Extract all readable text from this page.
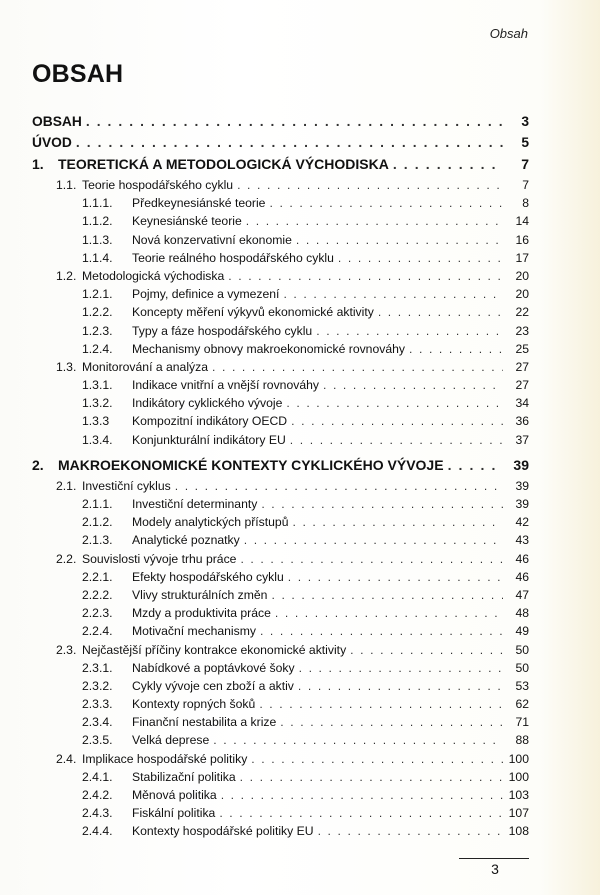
Obsah
OBSAH
OBSAH . . .	3
ÚVOD . . .	5
1.	TEORETICKÁ A METODOLOGICKÁ VÝCHODISKA . . .	7
1.1. Teorie hospodářského cyklu . . .	7
1.1.1.	Předkeynesiánské teorie . . .	8
1.1.2.	Keynesiánské teorie . . .	14
1.1.3.	Nová konzervativní ekonomie . . .	16
1.1.4.	Teorie reálného hospodářského cyklu . . .	17
1.2. Metodologická východiska . . .	20
1.2.1.	Pojmy, definice a vymezení . . .	20
1.2.2.	Koncepty měření výkyvů ekonomické aktivity . . .	22
1.2.3.	Typy a fáze hospodářského cyklu . . .	23
1.2.4.	Mechanismy obnovy makroekonomické rovnováhy . . .	25
1.3. Monitorování a analýza . . .	27
1.3.1.	Indikace vnitřní a vnější rovnováhy . . .	27
1.3.2.	Indikátory cyklického vývoje . . .	34
1.3.3	Kompozitní indikátory OECD . . .	36
1.3.4.	Konjunkturální indikátory EU . . .	37
2.	MAKROEKONOMICKÉ KONTEXTY CYKLICKÉHO VÝVOJE . . .	39
2.1. Investiční cyklus . . .	39
2.1.1.	Investiční determinanty . . .	39
2.1.2.	Modely analytických přístupů . . .	42
2.1.3.	Analytické poznatky . . .	43
2.2. Souvislosti vývoje trhu práce . . .	46
2.2.1.	Efekty hospodářského cyklu . . .	46
2.2.2.	Vlivy strukturálních změn . . .	47
2.2.3.	Mzdy a produktivita práce . . .	48
2.2.4.	Motivační mechanismy . . .	49
2.3. Nejčastější příčiny kontrakce ekonomické aktivity . . .	50
2.3.1.	Nabídkové a poptávkové šoky . . .	50
2.3.2.	Cykly vývoje cen zboží a aktiv . . .	53
2.3.3.	Kontexty ropných šoků . . .	62
2.3.4.	Finanční nestabilita a krize . . .	71
2.3.5.	Velká deprese . . .	88
2.4. Implikace hospodářské politiky . . .	100
2.4.1.	Stabilizační politika . . .	100
2.4.2.	Měnová politika . . .	103
2.4.3.	Fiskální politika . . .	107
2.4.4.	Kontexty hospodářské politiky EU . . .	108
3
